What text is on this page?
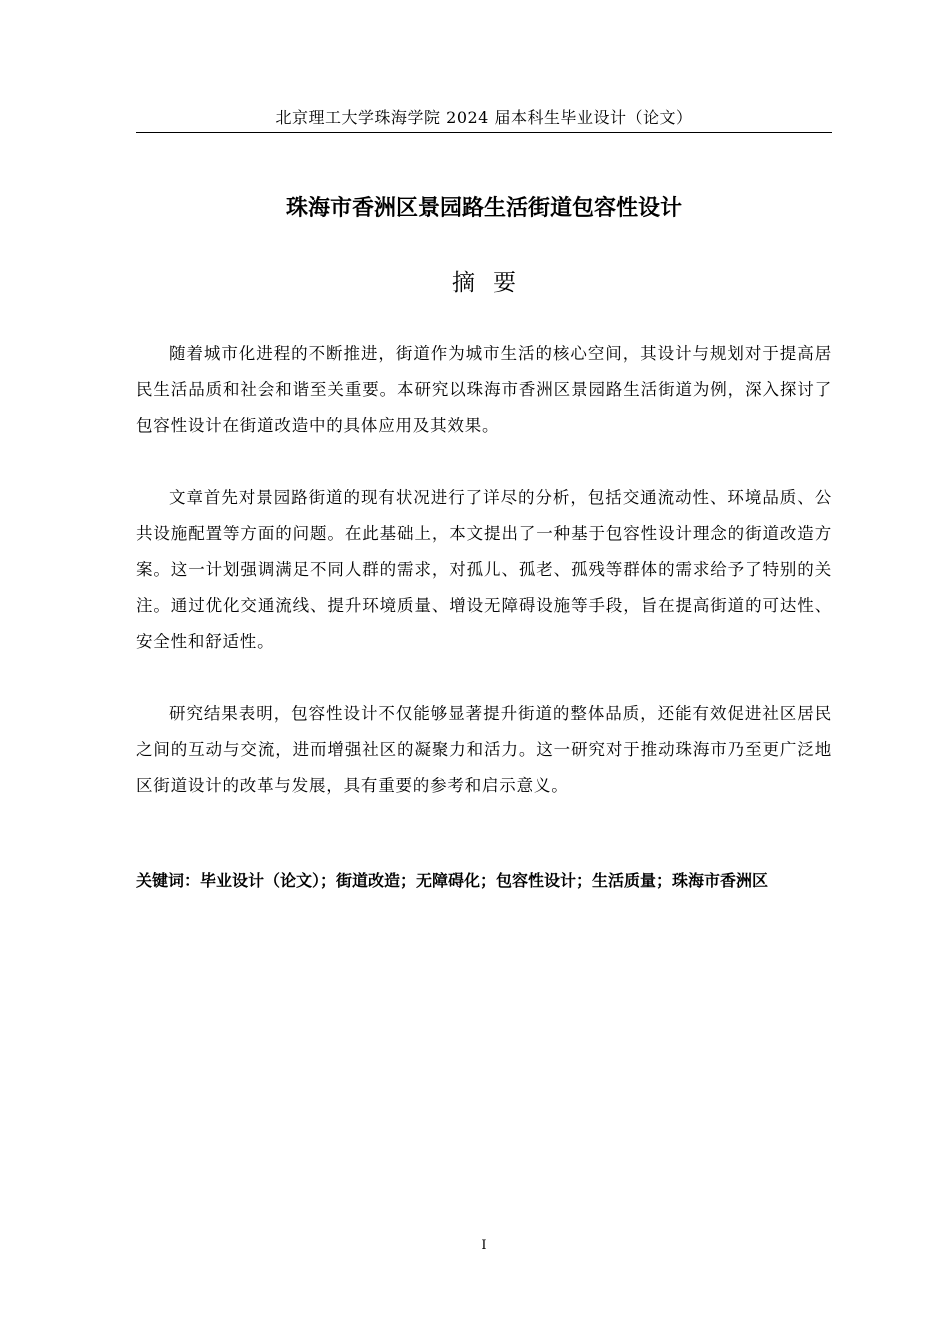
北京理工大学珠海学院 2024 届本科生毕业设计（论文）
珠海市香洲区景园路生活街道包容性设计
摘要

随着城市化进程的不断推进，街道作为城市生活的核心空间，其设计与规划对于提高居民生活品质和社会和谐至关重要。本研究以珠海市香洲区景园路生活街道为例，深入探讨了包容性设计在街道改造中的具体应用及其效果。

文章首先对景园路街道的现有状况进行了详尽的分析，包括交通流动性、环境品质、公共设施配置等方面的问题。在此基础上，本文提出了一种基于包容性设计理念的街道改造方案。这一计划强调满足不同人群的需求，对孤儿、孤老、孤残等群体的需求给予了特别的关注。通过优化交通流线、提升环境质量、增设无障碍设施等手段，旨在提高街道的可达性、安全性和舒适性。

研究结果表明，包容性设计不仅能够显著提升街道的整体品质，还能有效促进社区居民之间的互动与交流，进而增强社区的凝聚力和活力。这一研究对于推动珠海市乃至更广泛地区街道设计的改革与发展，具有重要的参考和启示意义。

关键词：毕业设计（论文）；街道改造；无障碍化；包容性设计；生活质量；珠海市香洲区
I
